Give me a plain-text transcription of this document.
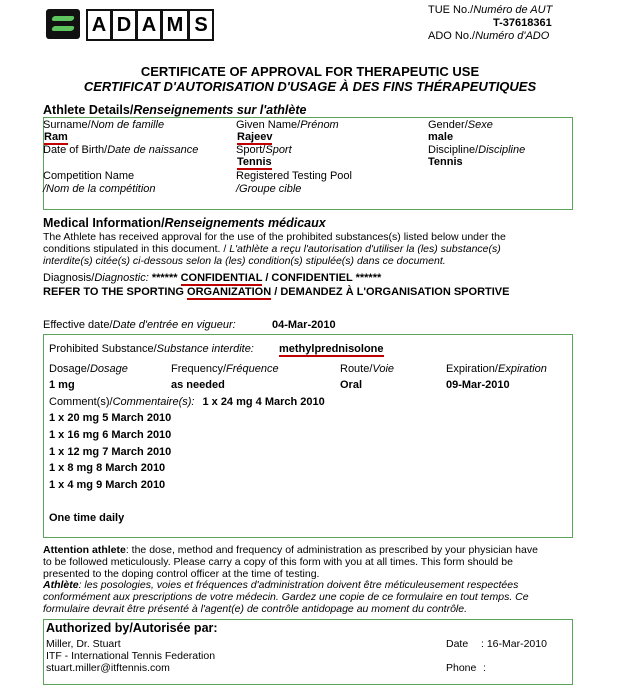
A D A M S
TUE No./Numéro de AUT
T-37618361
ADO No./Numéro d'ADO
CERTIFICATE OF APPROVAL FOR THERAPEUTIC USE
CERTIFICAT D'AUTORISATION D'USAGE À DES FINS THÉRAPEUTIQUES
Athlete Details/Renseignements sur l'athlète
Surname/Nom de famille
Ram
Given Name/Prénom
Rajeev
Gender/Sexe
male
Date of Birth/Date de naissance	Sport/Sport
Tennis
Discipline/Discipline
Tennis
Competition Name
/Nom de la compétition
Registered Testing Pool
/Groupe cible
Medical Information/Renseignements médicaux
The Athlete has received approval for the use of the prohibited substances(s) listed below under the
conditions stipulated in this document. / L'athlète a reçu l'autorisation d'utiliser la (les) substance(s)
interdite(s) citée(s) ci-dessous selon la (les) condition(s) stipulée(s) dans ce document.
Diagnosis/Diagnostic: ****** CONFIDENTIAL / CONFIDENTIEL ******
REFER TO THE SPORTING ORGANIZATION / DEMANDEZ À L'ORGANISATION SPORTIVE
Effective date/Date d'entrée en vigueur:	04-Mar-2010
Prohibited Substance/Substance interdite: methylprednisolone
Dosage/Dosage
1 mg
Frequency/Fréquence
as needed
Route/Voie
Oral
Expiration/Expiration
09-Mar-2010
Comment(s)/Commentaire(s): 1 x 24 mg 4 March 2010
1 x 20 mg 5 March 2010
1 x 16 mg 6 March 2010
1 x 12 mg 7 March 2010
1 x 8 mg 8 March 2010
1 x 4 mg 9 March 2010
One time daily
Attention athlete: the dose, method and frequency of administration as prescribed by your physician have
to be followed meticulously. Please carry a copy of this form with you at all times. This form should be
presented to the doping control officer at the time of testing.
Athlète: les posologies, voies et fréquences d'administration doivent être méticuleusement respectées
conformément aux prescriptions de votre médecin. Gardez une copie de ce formulaire en tout temps. Ce
formulaire devrait être présenté à l'agent(e) de contrôle antidopage au moment du contrôle.
Authorized by/Autorisée par:
Miller, Dr. Stuart
ITF - International Tennis Federation
stuart.miller@itftennis.com
Date : 16-Mar-2010
Phone :
